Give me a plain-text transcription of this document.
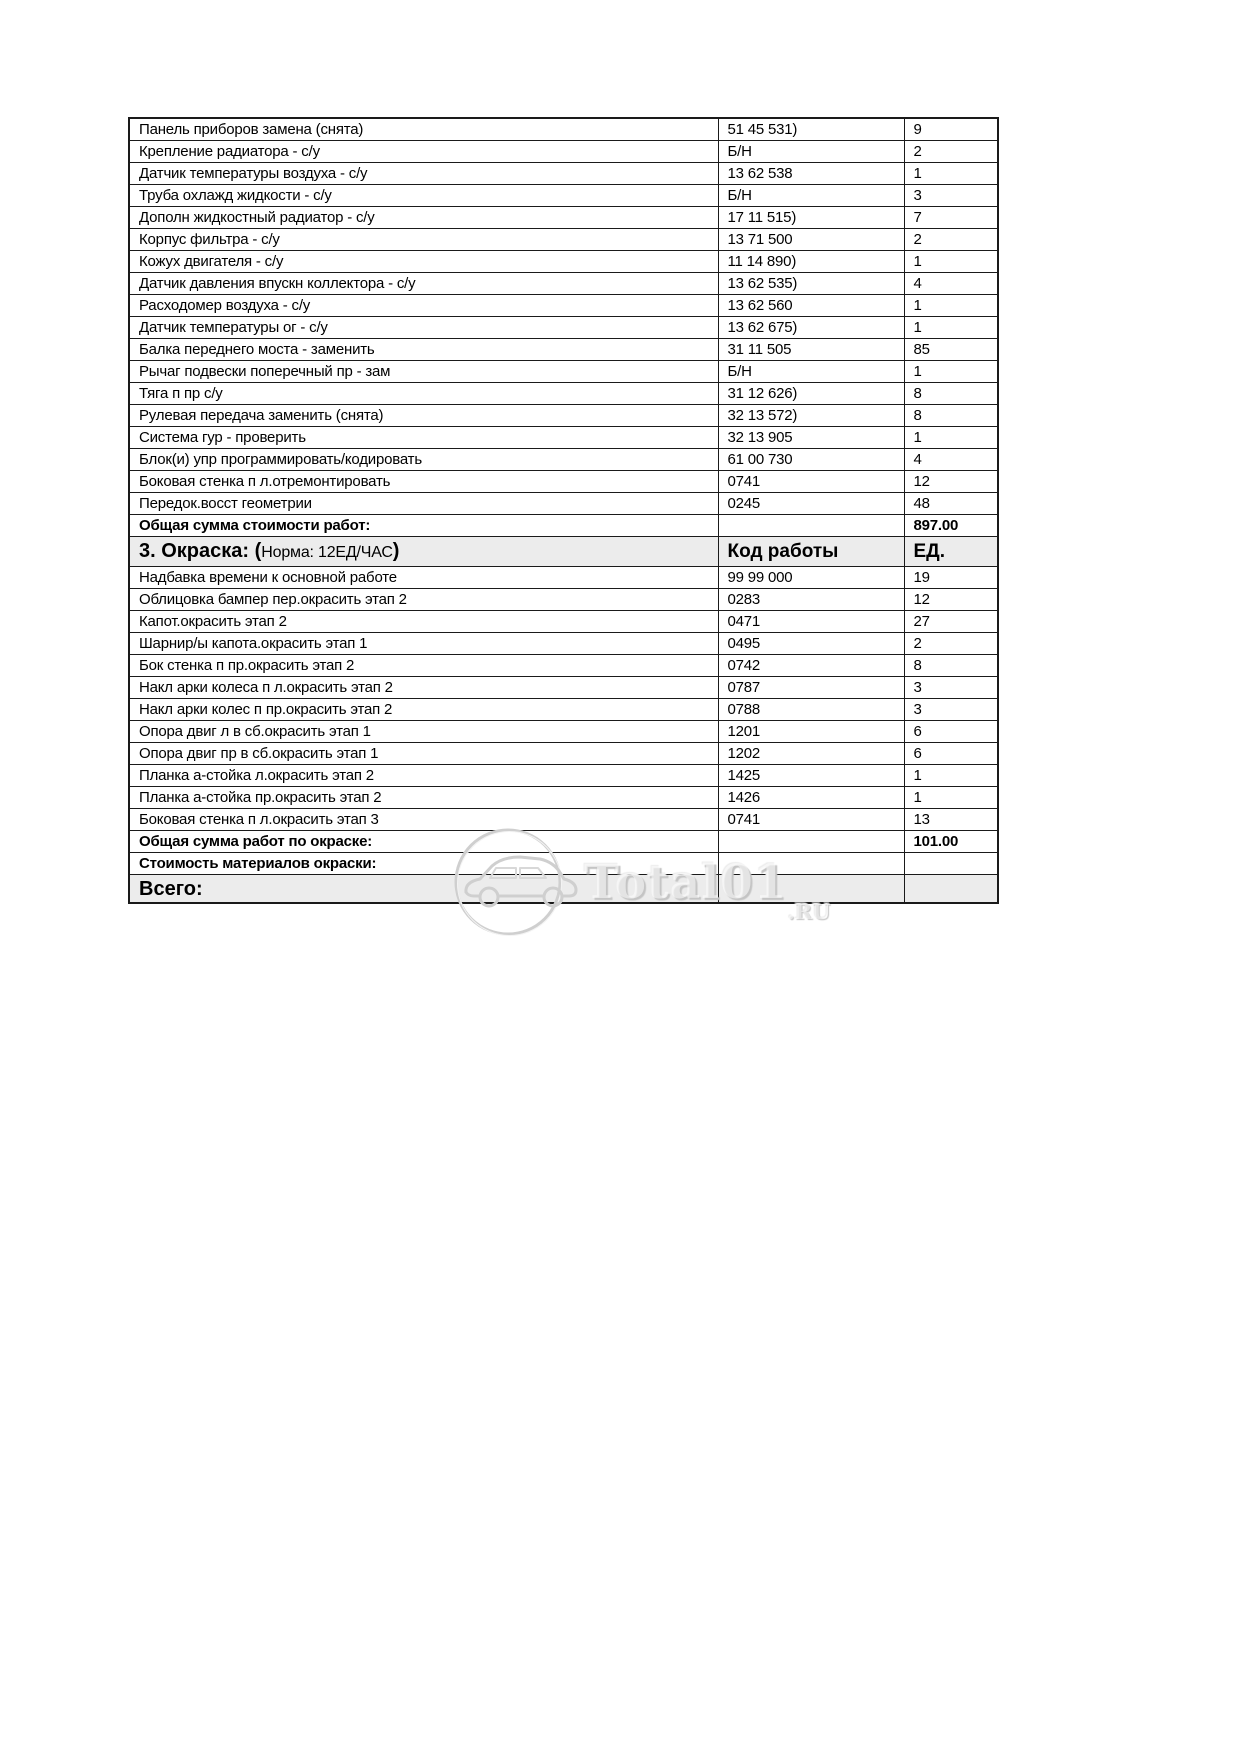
Панель приборов замена (снята)	51 45 531)	9
Крепление радиатора - с/у	Б/Н	2
Датчик температуры воздуха - с/у	13 62 538	1
Труба охлажд жидкости - с/у	Б/Н	3
Дополн жидкостный радиатор - с/у	17 11 515)	7
Корпус фильтра - с/у	13 71 500	2
Кожух двигателя - с/у	11 14 890)	1
Датчик давления впускн коллектора - с/у	13 62 535)	4
Расходомер воздуха - с/у	13 62 560	1
Датчик температуры ог - с/у	13 62 675)	1
Балка переднего моста - заменить	31 11 505	85
Рычаг подвески поперечный пр - зам	Б/Н	1
Тяга п пр с/у	31 12 626)	8
Рулевая передача заменить (снята)	32 13 572)	8
Система гур - проверить	32 13 905	1
Блок(и) упр программировать/кодировать	61 00 730	4
Боковая стенка п л.отремонтировать	0741	12
Передок.восст геометрии	0245	48
Общая сумма стоимости работ:		897.00
3. Окраска: (Норма: 12ЕД/ЧАС)	Код работы	ЕД.
Надбавка времени к основной работе	99 99 000	19
Облицовка бампер пер.окрасить этап 2	0283	12
Капот.окрасить этап 2	0471	27
Шарнир/ы капота.окрасить этап 1	0495	2
Бок стенка п пр.окрасить этап 2	0742	8
Накл арки колеса п л.окрасить этап 2	0787	3
Накл арки колес п пр.окрасить этап 2	0788	3
Опора двиг л в сб.окрасить этап 1	1201	6
Опора двиг пр в сб.окрасить этап 1	1202	6
Планка а-стойка л.окрасить этап 2	1425	1
Планка а-стойка пр.окрасить этап 2	1426	1
Боковая стенка п л.окрасить этап 3	0741	13
Общая сумма работ по окраске:		101.00
Стоимость материалов окраски:		
Всего:			Total01
.RU
